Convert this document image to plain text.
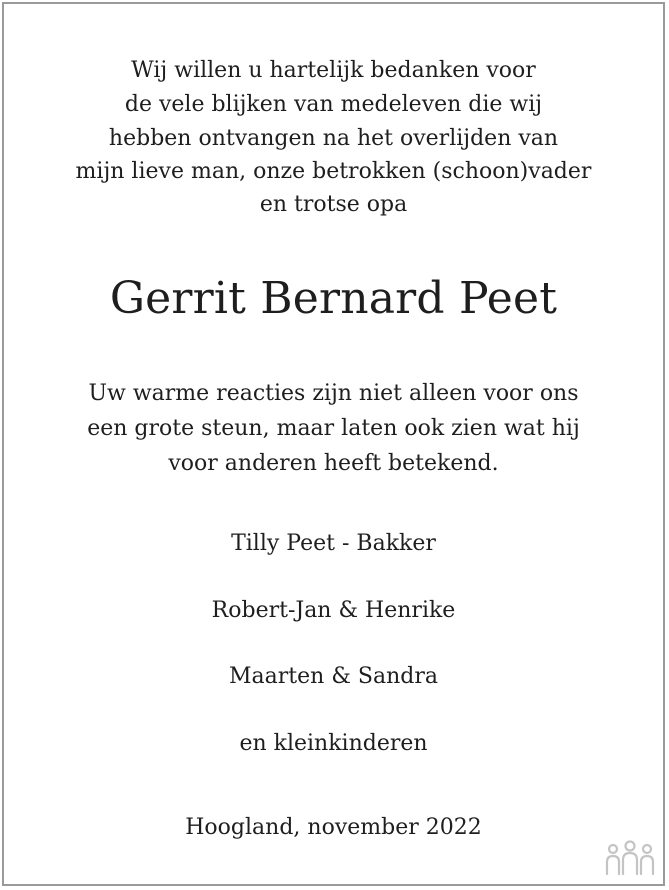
Wij willen u hartelijk bedanken voor
de vele blijken van medeleven die wij
hebben ontvangen na het overlijden van
mijn lieve man, onze betrokken (schoon)vader
en trotse opa
Gerrit Bernard Peet
Uw warme reacties zijn niet alleen voor ons
een grote steun, maar laten ook zien wat hij
voor anderen heeft betekend.
Tilly Peet - Bakker
Robert-Jan & Henrike
Maarten & Sandra
en kleinkinderen
Hoogland, november 2022
